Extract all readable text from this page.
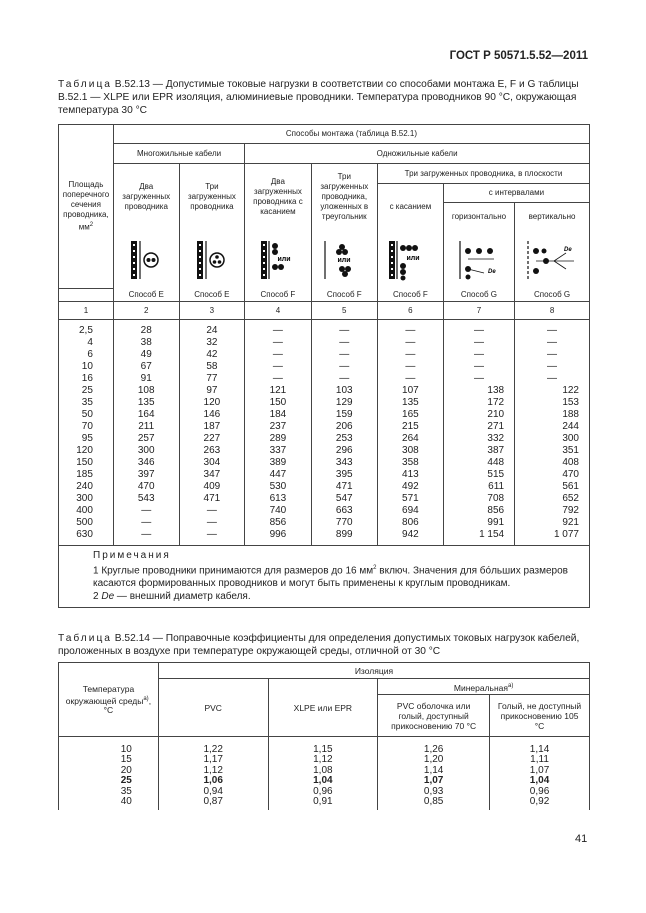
ГОСТ Р 50571.5.52—2011
Таблица B.52.13 — Допустимые токовые нагрузки в соответствии со способами монтажа E, F и G таблицы B.52.1 — XLPE или EPR изоляция, алюминиевые проводники. Температура проводников 90 °C, окружающая температура 30 °C
Площадь поперечного сечения проводника, $мм^2$	Способы монтажа (таблица B.52.1)						
	Многожильные кабели		Одножильные кабели				
	Два загруженных проводника	Три загруженных проводника	Два загруженных проводника с касанием	Три загруженных проводника, уложенных в треугольник	Три загруженных проводника, в плоскости		
					с касанием	с интервалами	
						горизонтально	вертикально

или	или	или	De	De

	Способ E	Способ E	Способ F	Способ F	Способ F	Способ G	Способ G
1	2	3	4	5	6	7	8
2,5	28	24	—	—	—	—	—
4	38	32	—	—	—	—	—
6	49	42	—	—	—	—	—
10	67	58	—	—	—	—	—
16	91	77	—	—	—	—	—
25	108	97	121	103	107	138	122
35	135	120	150	129	135	172	153
50	164	146	184	159	165	210	188
70	211	187	237	206	215	271	244
95	257	227	289	253	264	332	300
120	300	263	337	296	308	387	351
150	346	304	389	343	358	448	408
185	397	347	447	395	413	515	470
240	470	409	530	471	492	611	561
300	543	471	613	547	571	708	652
400	—	—	740	663	694	856	792
500	—	—	856	770	806	991	921
630	—	—	996	899	942	1 154	1 077

Примечания
1 Круглые проводники принимаются для размеров до 16 $мм^2$ включ. Значения для бóльших размеров касаются формированных проводников и могут быть применены к круглым проводникам.
2 De — внешний диаметр кабеля.							
Таблица B.52.14 — Поправочные коэффициенты для определения допустимых токовых нагрузок кабелей, проложенных в воздухе при температуре окружающей среды, отличной от 30 °C
Температура окружающей среды$^{a)}$, °C	Изоляция			
	PVC	XLPE или EPR	Минеральная$^{a)}$
			PVC оболочка или голый, доступный прикосновению 70 °C	Голый, не доступный прикосновению 105 °C

10	1,22	1,15	1,26	1,14
15	1,17	1,12	1,20	1,11
20	1,12	1,08	1,14	1,07
25	1,06	1,04	1,07	1,04
35	0,94	0,96	0,93	0,96
40	0,87	0,91	0,85	0,92
41
